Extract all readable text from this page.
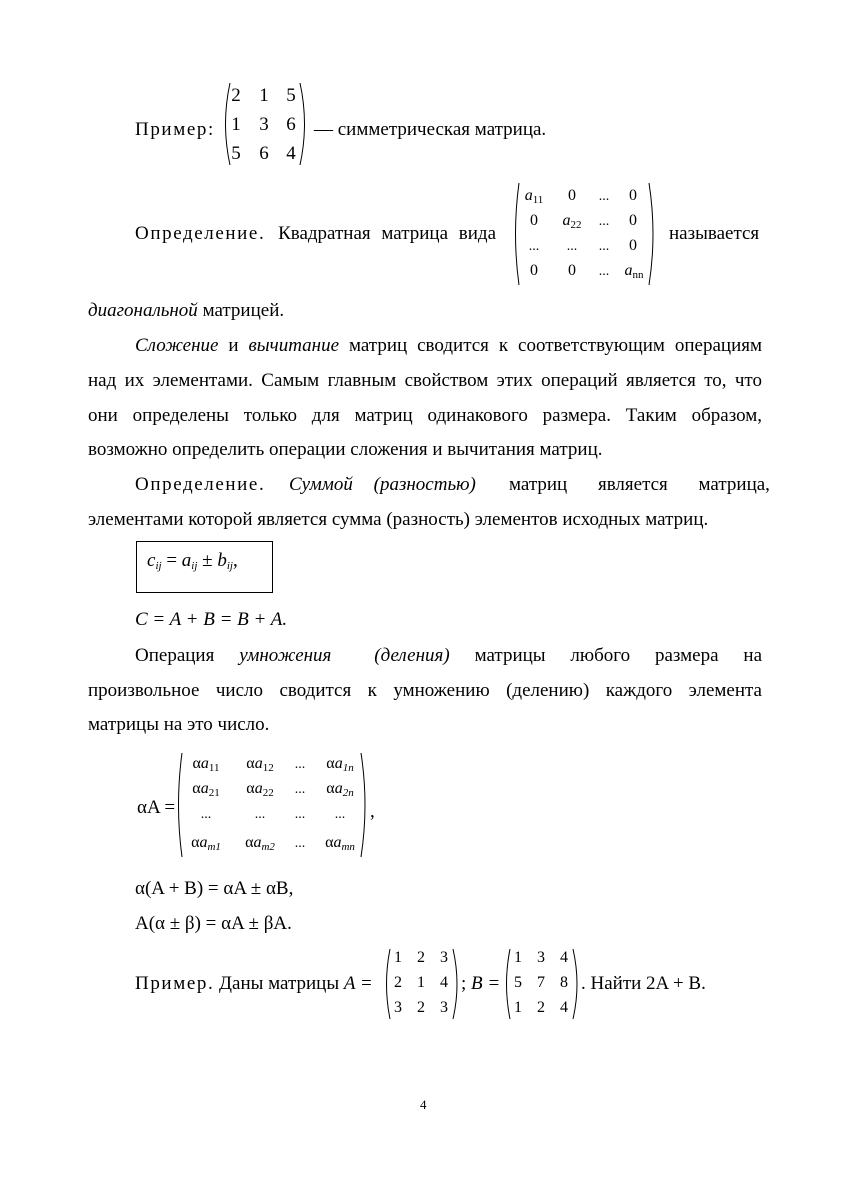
Пример:
2 1 5
1 3 6
5 6 4
— симметрическая матрица.
Определение. Квадратная матрица вида
$a_{11}$	0	...	0
0	$a_{22}$	...	0
...	...	...	0
0	0	... $a_{nn}$
называется
диагональной матрицей.
Сложение и вычитание матриц сводится к соответствующим операциям
над их элементами. Самым главным свойством этих операций является то, что
они определены только для матриц одинакового размера. Таким образом,
возможно определить операции сложения и вычитания матриц.
Определение. Суммой (разностью) матриц является матрица,
элементами которой является сумма (разность) элементов исходных матриц.
$c_{ij} = a_{ij} \pm b_{ij}$,
C = A + B = B + A.
Операция умножения (деления) матрицы любого размера на
произвольное число сводится к умножению (делению) каждого элемента
матрицы на это число.
αA =
$\alpha a_{11}$	$\alpha a_{12}$	...	$\alpha a_{1n}$
$\alpha a_{21}$	$\alpha a_{22}$	...	$\alpha a_{2n}$
...	...	...	...
$\alpha a_{m1}$	$\alpha a_{m2}$	...	$\alpha a_{mn}$
,
α(A + B) = αA ± αB,
A(α ± β) = αA ± βA.
Пример. Даны матрицы A =
1 2 3
2 1 4
3 2 3
; B =
1 3 4
5 7 8
1 2 4
. Найти 2A + B.
4
